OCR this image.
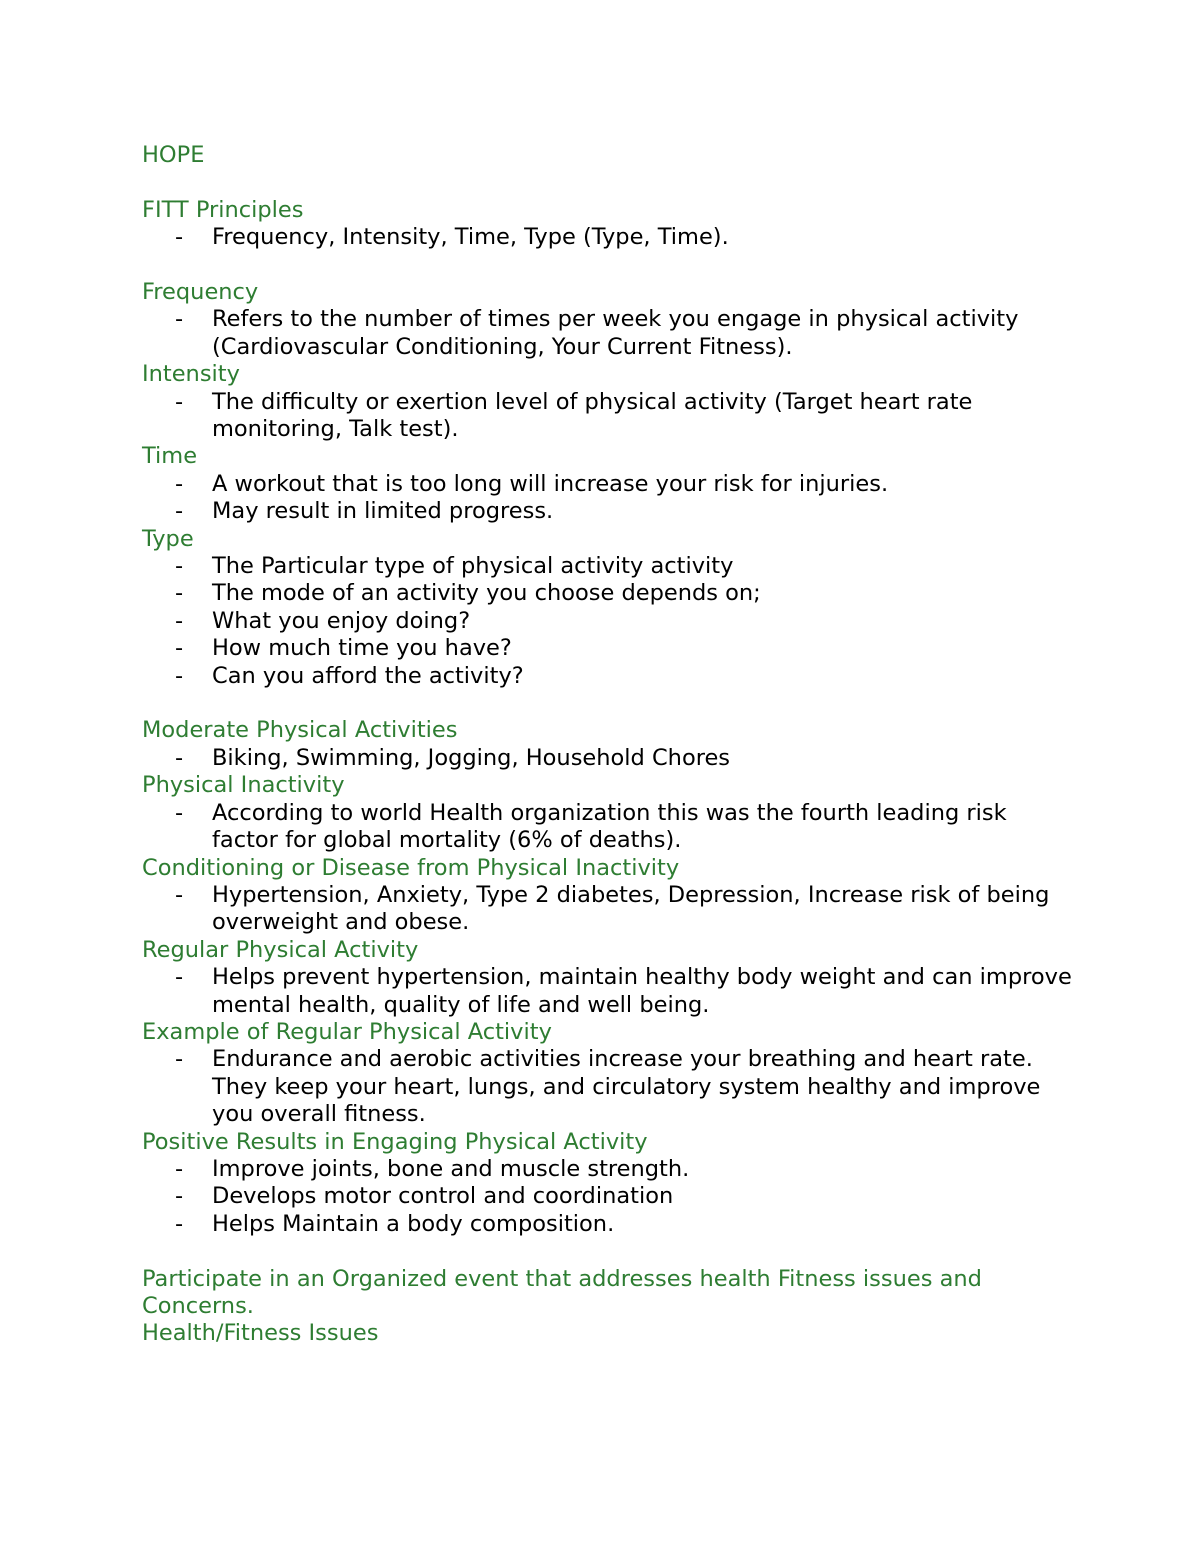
HOPE
FITT Principles
- Frequency, Intensity, Time, Type (Type, Time).
Frequency
- Refers to the number of times per week you engage in physical activity (Cardiovascular Conditioning, Your Current Fitness).
Intensity
- The difficulty or exertion level of physical activity (Target heart rate monitoring, Talk test).
Time
- A workout that is too long will increase your risk for injuries.
- May result in limited progress.
Type
- The Particular type of physical activity activity
- The mode of an activity you choose depends on;
- What you enjoy doing?
- How much time you have?
- Can you afford the activity?
Moderate Physical Activities
- Biking, Swimming, Jogging, Household Chores
Physical Inactivity
- According to world Health organization this was the fourth leading risk factor for global mortality (6% of deaths).
Conditioning or Disease from Physical Inactivity
- Hypertension, Anxiety, Type 2 diabetes, Depression, Increase risk of being overweight and obese.
Regular Physical Activity
- Helps prevent hypertension, maintain healthy body weight and can improve mental health, quality of life and well being.
Example of Regular Physical Activity
- Endurance and aerobic activities increase your breathing and heart rate. They keep your heart, lungs, and circulatory system healthy and improve you overall fitness.
Positive Results in Engaging Physical Activity
- Improve joints, bone and muscle strength.
- Develops motor control and coordination
- Helps Maintain a body composition.
Participate in an Organized event that addresses health Fitness issues and Concerns.
Health/Fitness Issues
